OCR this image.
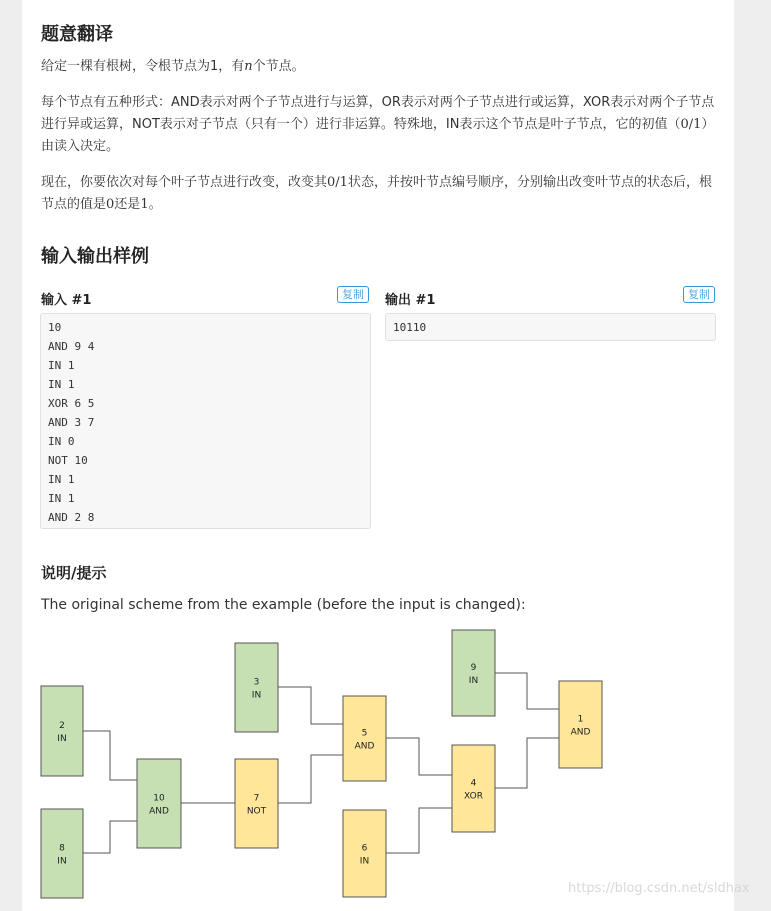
题意翻译

给定一棵有根树，令根节点为1，有n个节点。

每个节点有五种形式：AND表示对两个子节点进行与运算，OR表示对两个子节点进行或运算，XOR表示对两个子节点进行异或运算，NOT表示对子节点（只有一个）进行非运算。特殊地，IN表示这个节点是叶子节点，它的初值（0/1）由读入决定。

现在，你要依次对每个叶子节点进行改变，改变其0/1状态，并按叶节点编号顺序，分别输出改变叶节点的状态后，根节点的值是0还是1。

输入输出样例
输入 #1	复制
10
AND 9 4
IN 1
IN 1
XOR 6 5
AND 3 7
IN 0
NOT 10
IN 1
IN 1
AND 2 8
输出 #1	复制
10110
说明/提示

The original scheme from the example (before the input is changed):

2
IN
8
IN
10
AND
3
IN
7
NOT
5
AND
6
IN
9
IN
4
XOR
1
AND
https://blog.csdn.net/sldhax
